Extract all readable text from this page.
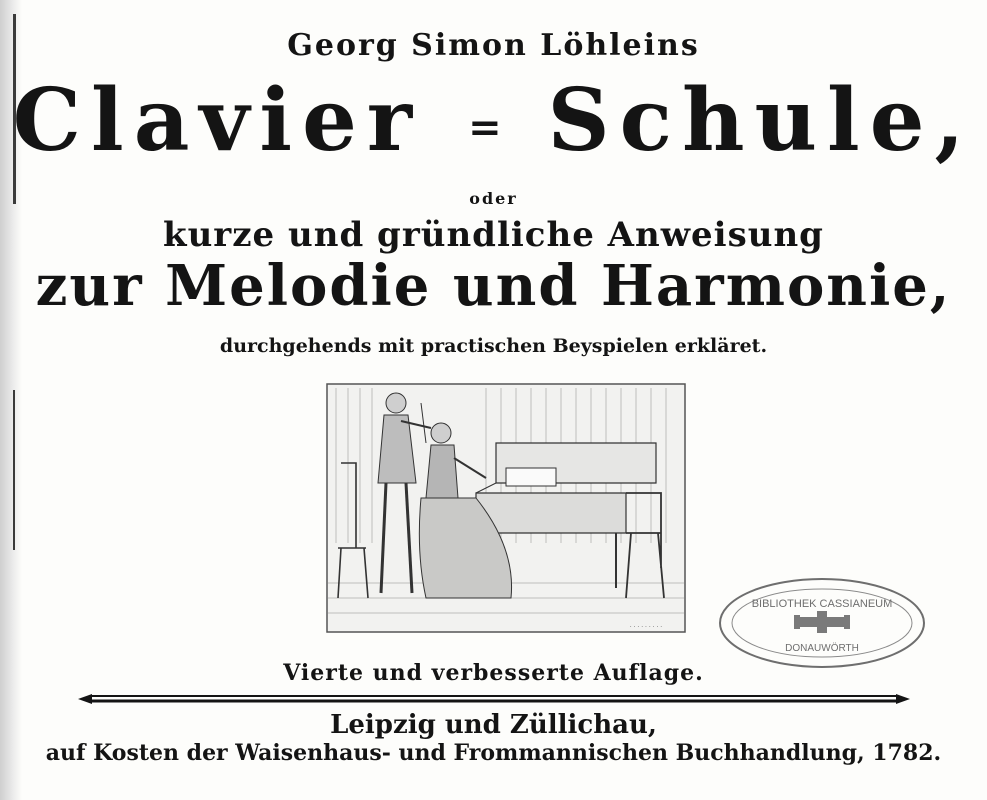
Georg Simon Löhleins
Clavier = Schule,
oder
kurze und gründliche Anweisung
zur Melodie und Harmonie,
durchgehends mit practischen Beyspielen erkläret.
· · · · · · · · ·
Vierte und verbesserte Auflage.
Leipzig und Züllichau,
auf Kosten der Waisenhaus- und Frommannischen Buchhandlung, 1782.
BIBLIOTHEK CASSIANEUM
DONAUWÖRTH
